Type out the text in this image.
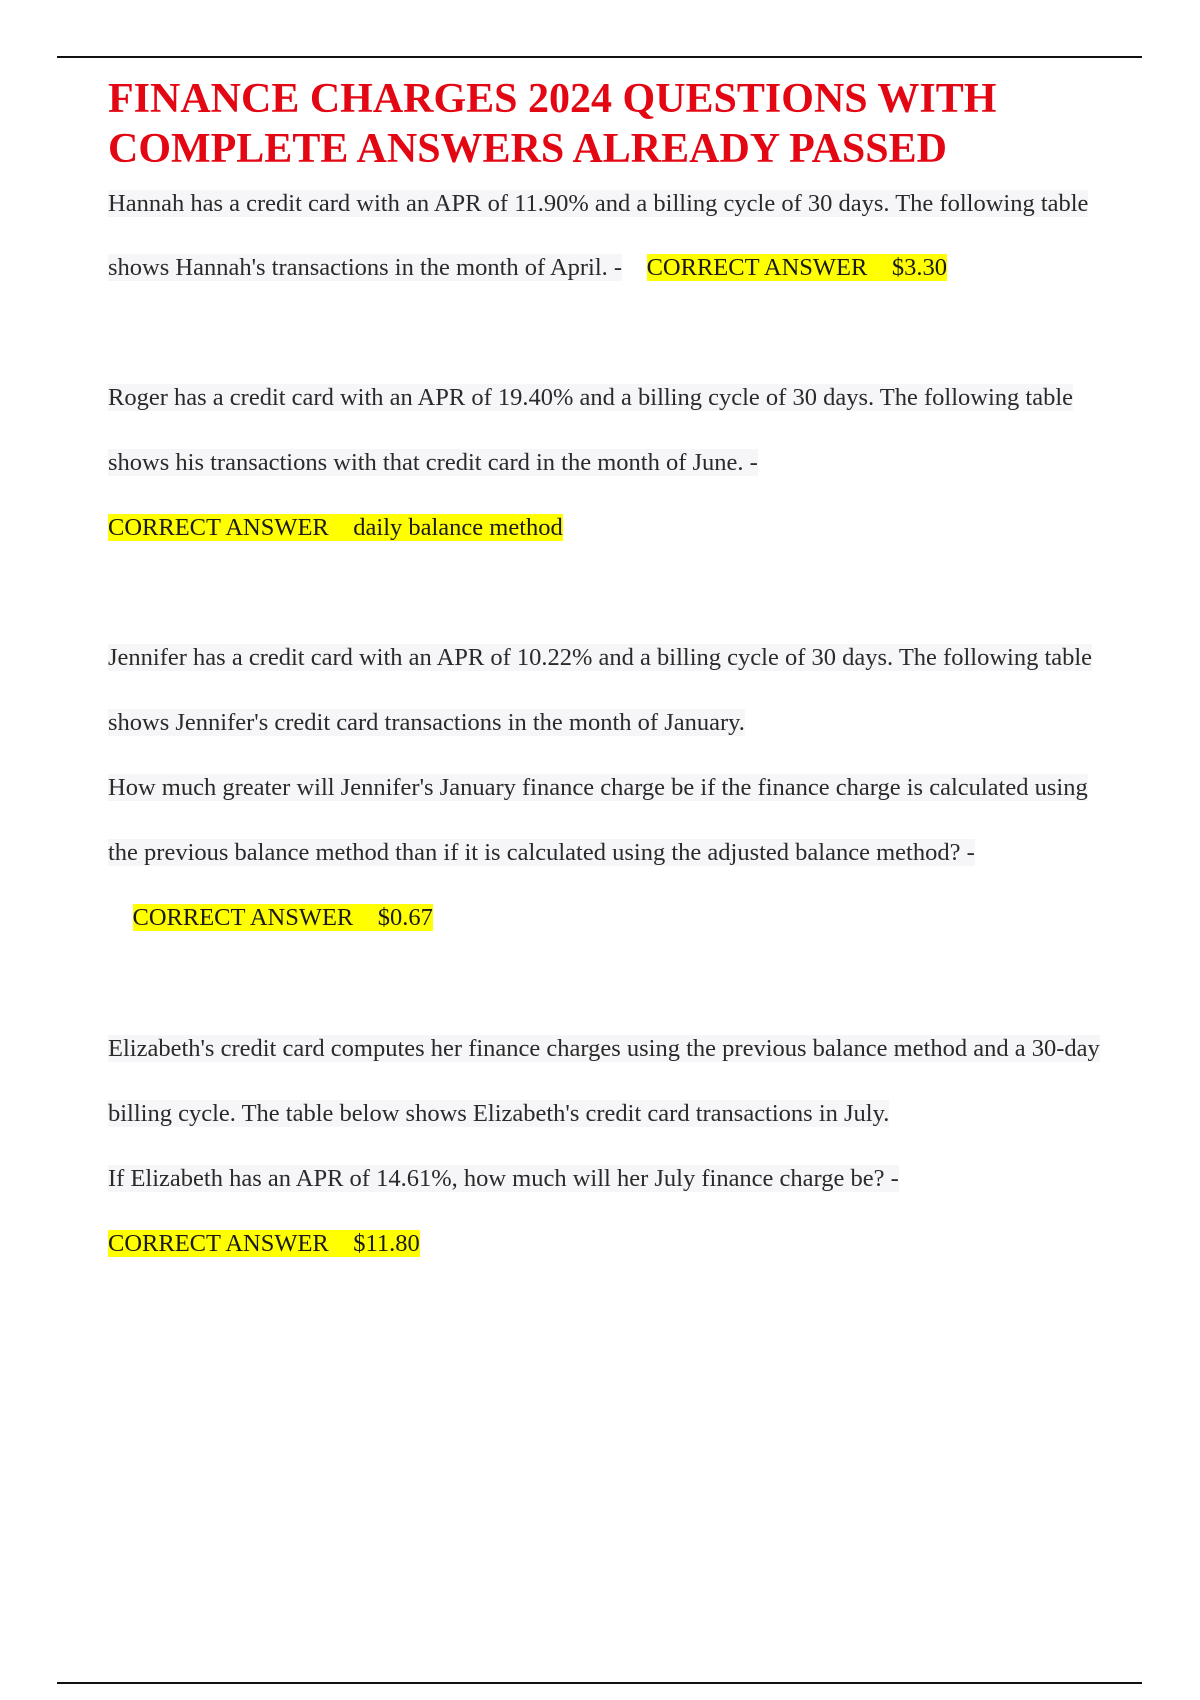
FINANCE CHARGES 2024 QUESTIONS WITH COMPLETE ANSWERS ALREADY PASSED

Hannah has a credit card with an APR of 11.90% and a billing cycle of 30 days. The following table shows Hannah's transactions in the month of April. - CORRECT ANSWER    $3.30

Roger has a credit card with an APR of 19.40% and a billing cycle of 30 days. The following table shows his transactions with that credit card in the month of June. -
CORRECT ANSWER    daily balance method

Jennifer has a credit card with an APR of 10.22% and a billing cycle of 30 days. The following table shows Jennifer's credit card transactions in the month of January.
How much greater will Jennifer's January finance charge be if the finance charge is calculated using the previous balance method than if it is calculated using the adjusted balance method? -    CORRECT ANSWER    $0.67

Elizabeth's credit card computes her finance charges using the previous balance method and a 30-day billing cycle. The table below shows Elizabeth's credit card transactions in July.
If Elizabeth has an APR of 14.61%, how much will her July finance charge be? -
CORRECT ANSWER    $11.80
